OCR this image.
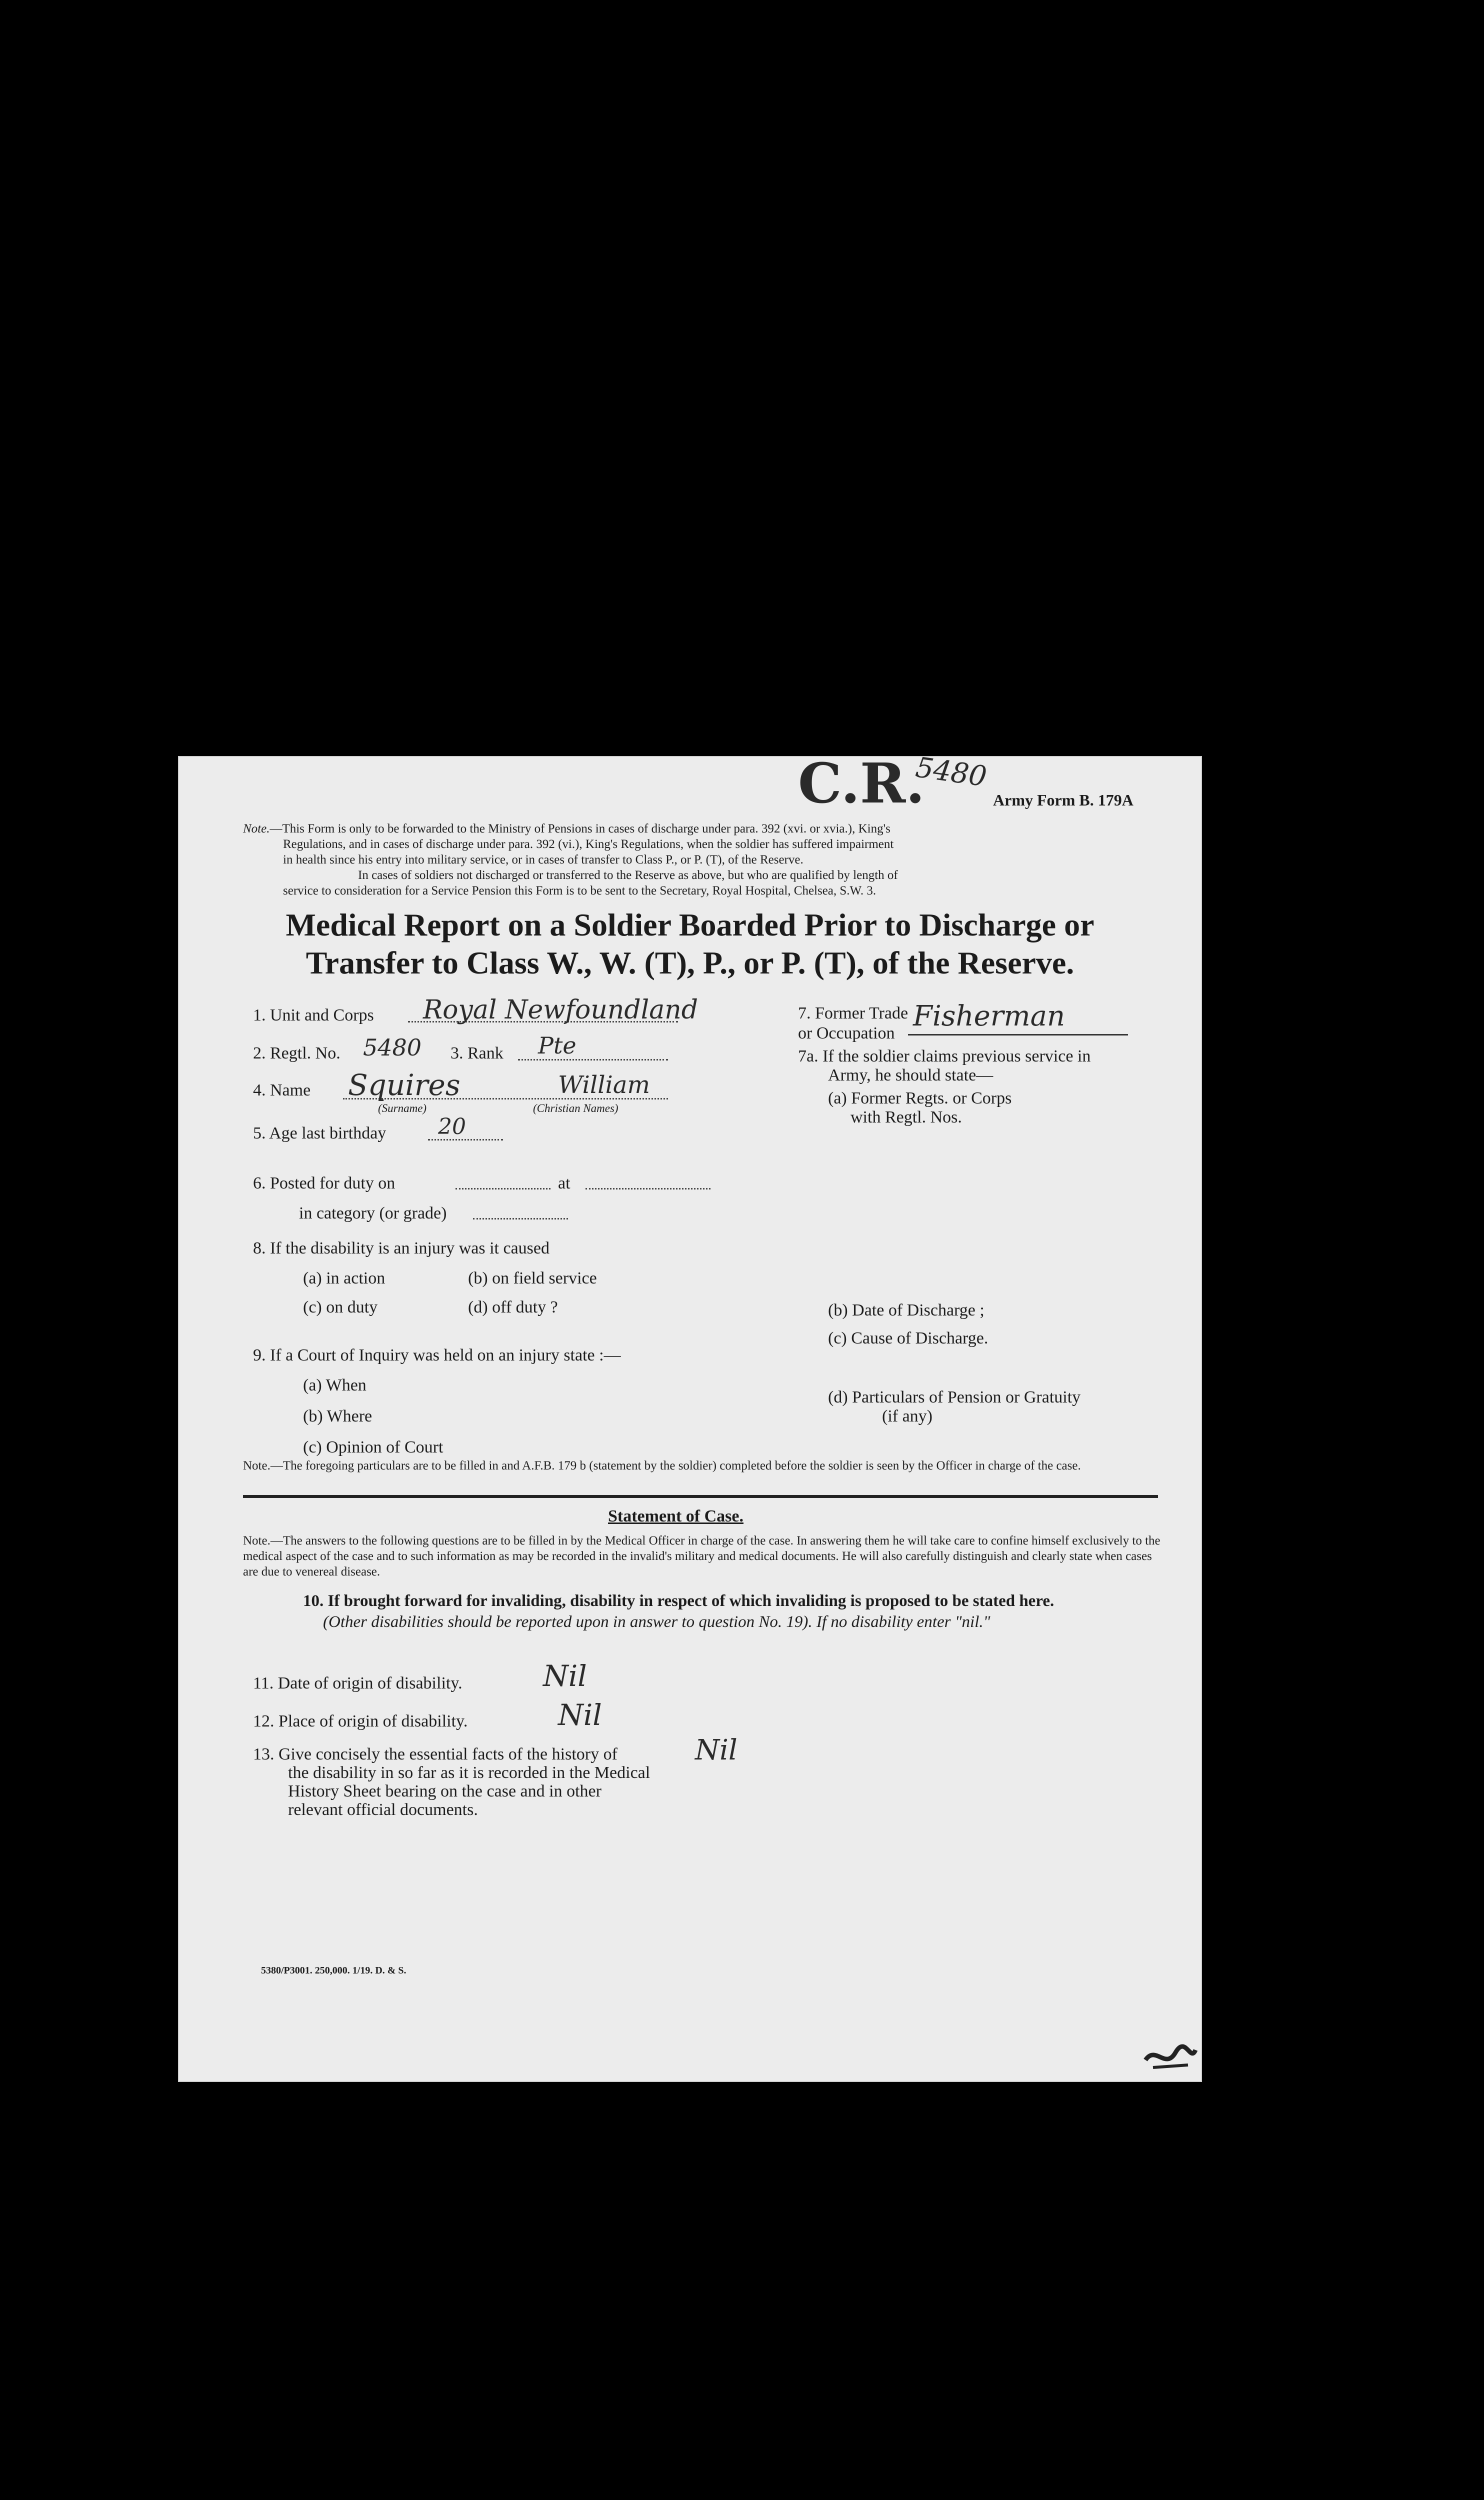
C.R.
5480
Army Form B. 179A
Note.—This Form is only to be forwarded to the Ministry of Pensions in cases of discharge under para. 392 (xvi. or xvia.), King's
Regulations, and in cases of discharge under para. 392 (vi.), King's Regulations, when the soldier has suffered impairment
in health since his entry into military service, or in cases of transfer to Class P., or P. (T), of the Reserve.
In cases of soldiers not discharged or transferred to the Reserve as above, but who are qualified by length of
service to consideration for a Service Pension this Form is to be sent to the Secretary, Royal Hospital, Chelsea, S.W. 3.
Medical Report on a Soldier Boarded Prior to Discharge or
Transfer to Class W., W. (T), P., or P. (T), of the Reserve.
1. Unit and Corps Royal Newfoundland
2. Regtl. No. 5480 3. Rank Pte
4. Name Squires	William
(Surname)	(Christian Names)
5. Age last birthday 20
6. Posted for duty on	at
in category (or grade)
8. If the disability is an injury was it caused
(a) in action	(b) on field service
(c) on duty	(d) off duty ?
9. If a Court of Inquiry was held on an injury state :—
(a) When
(b) Where
(c) Opinion of Court
7. Former Trade
or Occupation
Fisherman
7a. If the soldier claims previous service in
Army, he should state—
(a) Former Regts. or Corps
with Regtl. Nos.
(b) Date of Discharge ;
(c) Cause of Discharge.
(d) Particulars of Pension or Gratuity
(if any)
Note.—The foregoing particulars are to be filled in and A.F.B. 179 b (statement by the soldier) completed before the soldier is seen by the Officer in charge of the case.
Statement of Case.
Note.—The answers to the following questions are to be filled in by the Medical Officer in charge of the case. In answering them he will take care to confine himself exclusively to the medical aspect of the case and to such information as may be recorded in the invalid's military and medical documents. He will also carefully distinguish and clearly state when cases are due to venereal disease.
10. If brought forward for invaliding, disability in respect of which invaliding is proposed to be stated here.
(Other disabilities should be reported upon in answer to question No. 19). If no disability enter "nil."
11. Date of origin of disability.	Nil
12. Place of origin of disability.	Nil
13. Give concisely the essential facts of the history of
the disability in so far as it is recorded in the Medical
History Sheet bearing on the case and in other
relevant official documents.
Nil
5380/P3001. 250,000. 1/19. D. & S.
